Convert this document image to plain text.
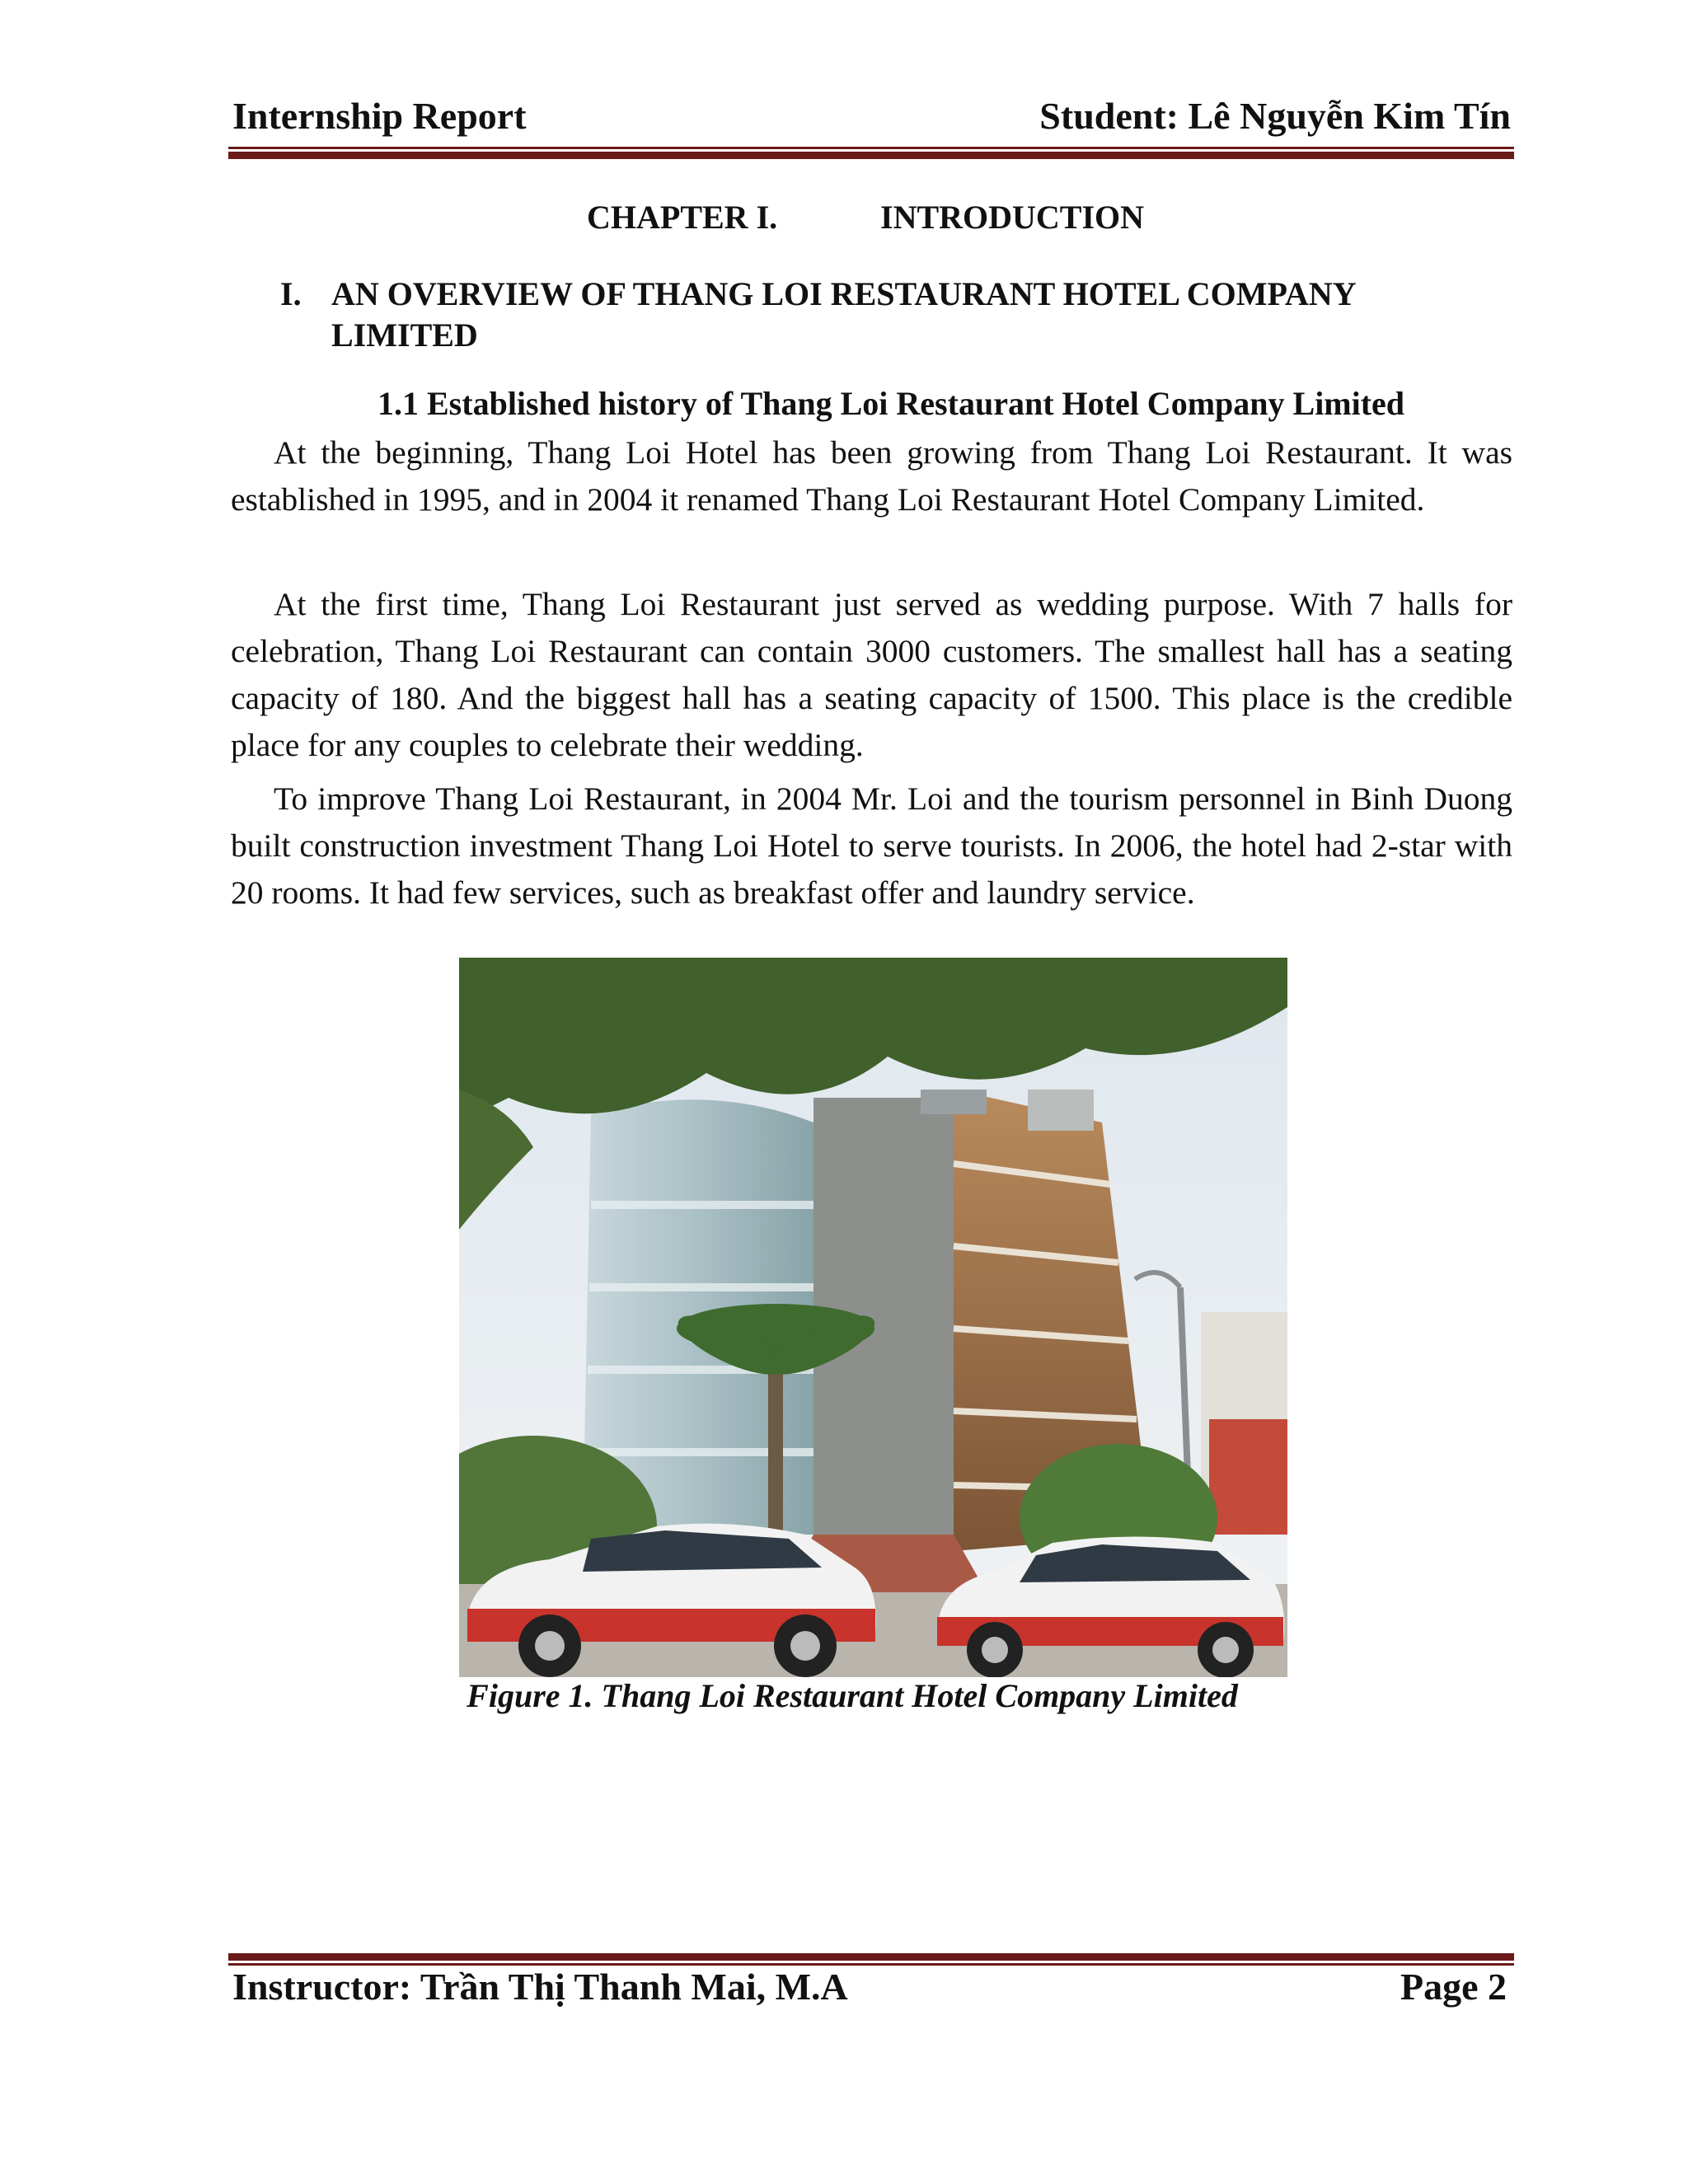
Internship Report	Student: Lê Nguyễn Kim Tín
CHAPTER I.	INTRODUCTION
I. AN OVERVIEW OF THANG LOI RESTAURANT HOTEL COMPANY LIMITED
1.1 Established history of Thang Loi Restaurant Hotel Company Limited

At the beginning, Thang Loi Hotel has been growing from Thang Loi Restaurant. It was established in 1995, and in 2004 it renamed Thang Loi Restaurant Hotel Company Limited.

At the first time, Thang Loi Restaurant just served as wedding purpose. With 7 halls for celebration, Thang Loi Restaurant can contain 3000 customers. The smallest hall has a seating capacity of 180. And the biggest hall has a seating capacity of 1500. This place is the credible place for any couples to celebrate their wedding.

To improve Thang Loi Restaurant, in 2004 Mr. Loi and the tourism personnel in Binh Duong built construction investment Thang Loi Hotel to serve tourists. In 2006, the hotel had 2-star with 20 rooms. It had few services, such as breakfast offer and laundry service.

Figure 1. Thang Loi Restaurant Hotel Company Limited
Instructor: Trần Thị Thanh Mai, M.A	Page 2
